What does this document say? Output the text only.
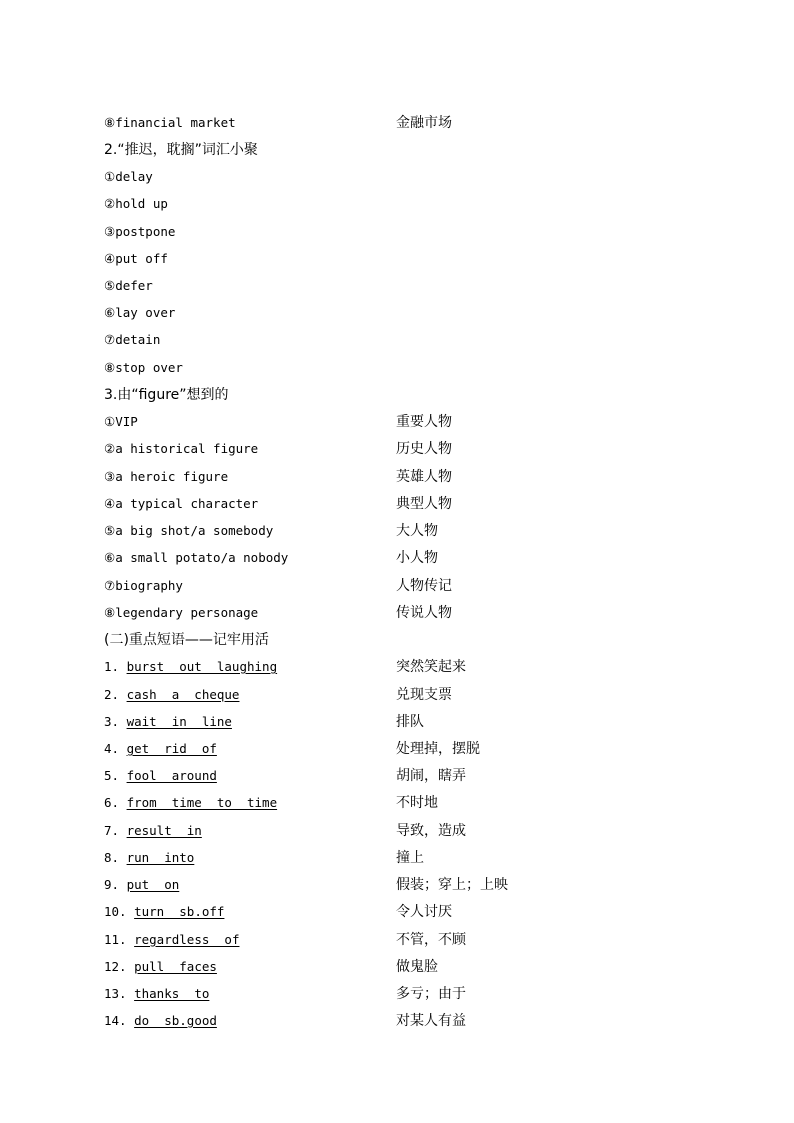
⑧financial market	金融市场
2.“推迟，耽搁”词汇小聚
①delay
②hold up
③postpone
④put off
⑤defer
⑥lay over
⑦detain
⑧stop over
3.由“figure”想到的
①VIP	重要人物
②a historical figure	历史人物
③a heroic figure	英雄人物
④a typical character	典型人物
⑤a big shot/a somebody	大人物
⑥a small potato/a nobody	小人物
⑦biography	人物传记
⑧legendary personage	传说人物
(二)重点短语——记牢用活
1. burst  out  laughing	突然笑起来
2. cash  a  cheque	兑现支票
3. wait  in  line	排队
4. get  rid  of	处理掉，摆脱
5. fool  around	胡闹，瞎弄
6. from  time  to  time	不时地
7. result  in	导致，造成
8. run  into	撞上
9. put  on	假装；穿上；上映
10. turn  sb.off	令人讨厌
11. regardless  of	不管，不顾
12. pull  faces	做鬼脸
13. thanks  to	多亏；由于
14. do  sb.good	对某人有益
